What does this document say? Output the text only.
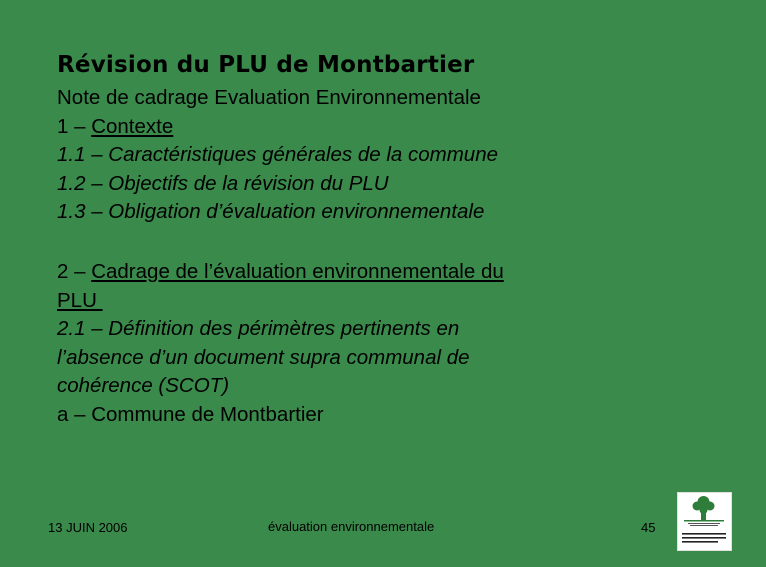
Révision du PLU de Montbartier
Note de cadrage Evaluation Environnementale
1 – Contexte
1.1 – Caractéristiques générales de la commune
1.2 – Objectifs de la révision du PLU
1.3 – Obligation d’évaluation environnementale
2 – Cadrage de l’évaluation environnementale du
PLU
2.1 – Définition des périmètres pertinents en
l’absence d’un document supra communal de
cohérence (SCOT)
a – Commune de Montbartier
13 JUIN 2006	évaluation environnementale	45
